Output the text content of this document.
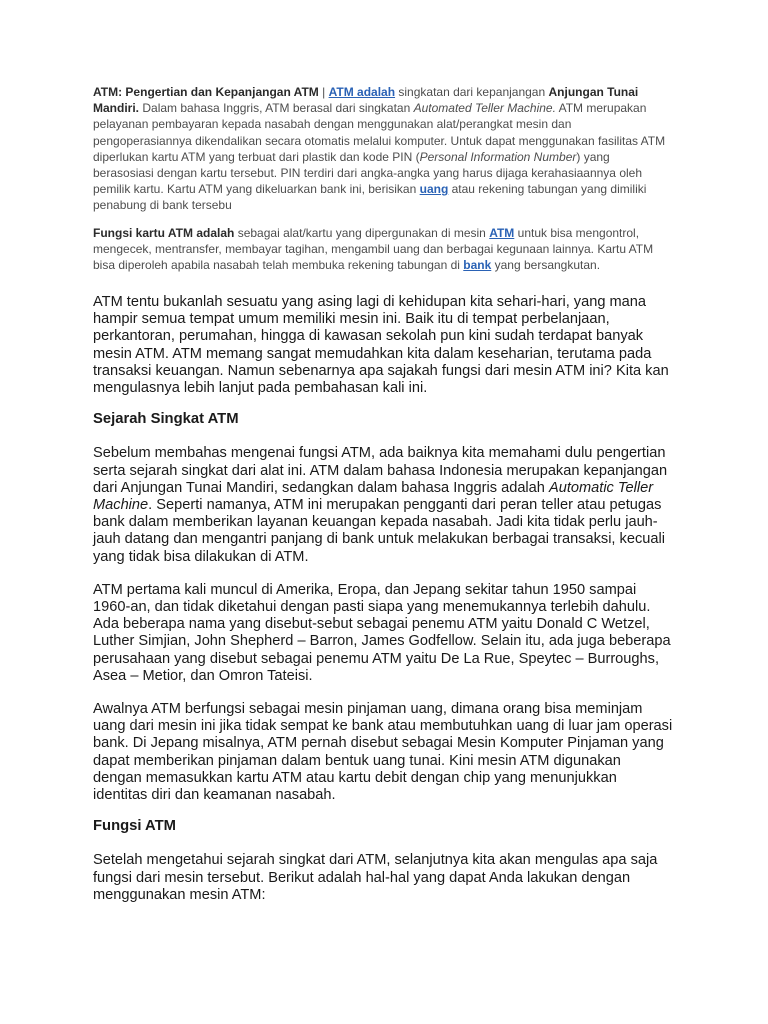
ATM: Pengertian dan Kepanjangan ATM | ATM adalah singkatan dari kepanjangan Anjungan Tunai Mandiri. Dalam bahasa Inggris, ATM berasal dari singkatan Automated Teller Machine. ATM merupakan pelayanan pembayaran kepada nasabah dengan menggunakan alat/perangkat mesin dan pengoperasiannya dikendalikan secara otomatis melalui komputer. Untuk dapat menggunakan fasilitas ATM diperlukan kartu ATM yang terbuat dari plastik dan kode PIN (Personal Information Number) yang berasosiasi dengan kartu tersebut. PIN terdiri dari angka-angka yang harus dijaga kerahasiaannya oleh pemilik kartu. Kartu ATM yang dikeluarkan bank ini, berisikan uang atau rekening tabungan yang dimiliki penabung di bank tersebu

Fungsi kartu ATM adalah sebagai alat/kartu yang dipergunakan di mesin ATM untuk bisa mengontrol, mengecek, mentransfer, membayar tagihan, mengambil uang dan berbagai kegunaan lainnya. Kartu ATM bisa diperoleh apabila nasabah telah membuka rekening tabungan di bank yang bersangkutan.

ATM tentu bukanlah sesuatu yang asing lagi di kehidupan kita sehari-hari, yang mana hampir semua tempat umum memiliki mesin ini. Baik itu di tempat perbelanjaan, perkantoran, perumahan, hingga di kawasan sekolah pun kini sudah terdapat banyak mesin ATM. ATM memang sangat memudahkan kita dalam keseharian, terutama pada transaksi keuangan. Namun sebenarnya apa sajakah fungsi dari mesin ATM ini? Kita kan mengulasnya lebih lanjut pada pembahasan kali ini.

Sejarah Singkat ATM

Sebelum membahas mengenai fungsi ATM, ada baiknya kita memahami dulu pengertian serta sejarah singkat dari alat ini. ATM dalam bahasa Indonesia merupakan kepanjangan dari Anjungan Tunai Mandiri, sedangkan dalam bahasa Inggris adalah Automatic Teller Machine. Seperti namanya, ATM ini merupakan pengganti dari peran teller atau petugas bank dalam memberikan layanan keuangan kepada nasabah. Jadi kita tidak perlu jauh-jauh datang dan mengantri panjang di bank untuk melakukan berbagai transaksi, kecuali yang tidak bisa dilakukan di ATM.

ATM pertama kali muncul di Amerika, Eropa, dan Jepang sekitar tahun 1950 sampai 1960-an, dan tidak diketahui dengan pasti siapa yang menemukannya terlebih dahulu. Ada beberapa nama yang disebut-sebut sebagai penemu ATM yaitu Donald C Wetzel, Luther Simjian, John Shepherd – Barron, James Godfellow. Selain itu, ada juga beberapa perusahaan yang disebut sebagai penemu ATM yaitu De La Rue, Speytec – Burroughs, Asea – Metior, dan Omron Tateisi.

Awalnya ATM berfungsi sebagai mesin pinjaman uang, dimana orang bisa meminjam uang dari mesin ini jika tidak sempat ke bank atau membutuhkan uang di luar jam operasi bank. Di Jepang misalnya, ATM pernah disebut sebagai Mesin Komputer Pinjaman yang dapat memberikan pinjaman dalam bentuk uang tunai. Kini mesin ATM digunakan dengan memasukkan kartu ATM atau kartu debit dengan chip yang menunjukkan identitas diri dan keamanan nasabah.

Fungsi ATM

Setelah mengetahui sejarah singkat dari ATM, selanjutnya kita akan mengulas apa saja fungsi dari mesin tersebut. Berikut adalah hal-hal yang dapat Anda lakukan dengan menggunakan mesin ATM:
